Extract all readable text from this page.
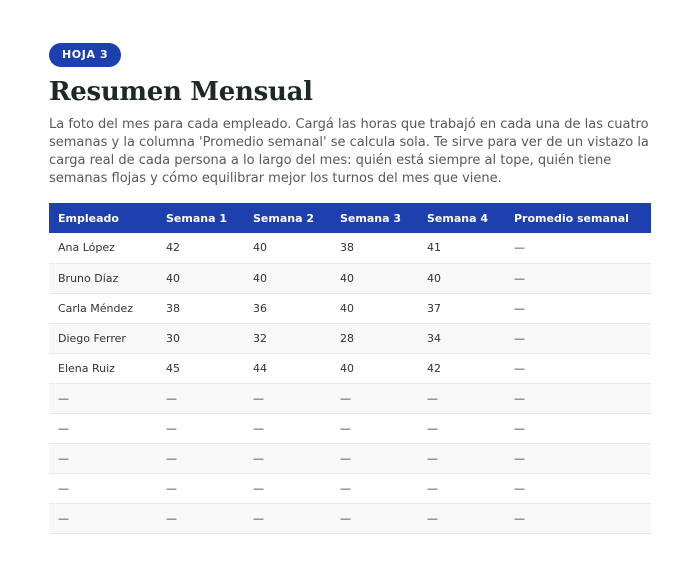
HOJA 3
Resumen Mensual

La foto del mes para cada empleado. Cargá las horas que trabajó en cada una de las cuatro semanas y la columna 'Promedio semanal' se calcula sola. Te sirve para ver de un vistazo la carga real de cada persona a lo largo del mes: quién está siempre al tope, quién tiene semanas flojas y cómo equilibrar mejor los turnos del mes que viene.

Empleado	Semana 1	Semana 2	Semana 3	Semana 4	Promedio semanal
Ana López	42	40	38	41	—
Bruno Díaz	40	40	40	40	—
Carla Méndez	38	36	40	37	—
Diego Ferrer	30	32	28	34	—
Elena Ruiz	45	44	40	42	—
—	—	—	—	—	—
—	—	—	—	—	—
—	—	—	—	—	—
—	—	—	—	—	—
—	—	—	—	—	—
